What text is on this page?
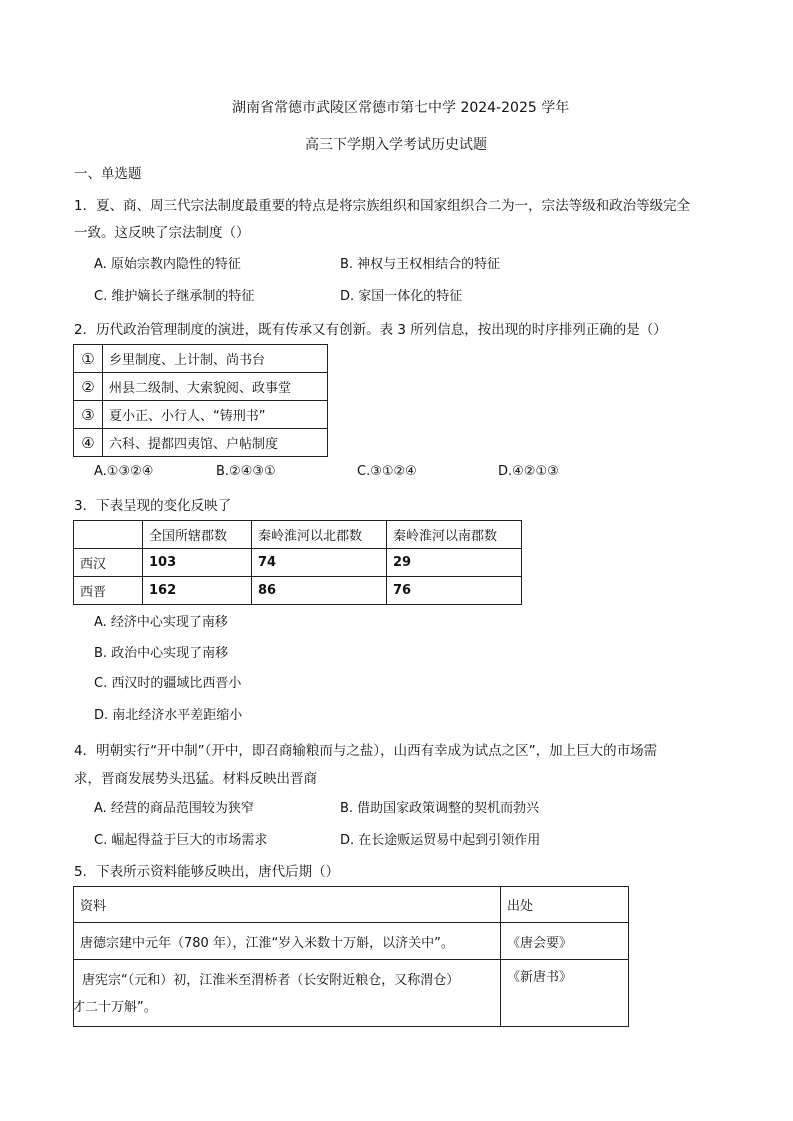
湖南省常德市武陵区常德市第七中学 2024-2025 学年
高三下学期入学考试历史试题
一、单选题
1．夏、商、周三代宗法制度最重要的特点是将宗族组织和国家组织合二为一，宗法等级和政治等级完全
一致。这反映了宗法制度（）
A. 原始宗教内隐性的特征	B. 神权与王权相结合的特征
C. 维护嫡长子继承制的特征	D. 家国一体化的特征
2．历代政治管理制度的演进，既有传承又有创新。表 3 所列信息，按出现的时序排列正确的是（）
①	乡里制度、上计制、尚书台
②	州县二级制、大索貌阅、政事堂
③	夏小正、小行人、“铸刑书”
④	六科、提都四夷馆、户帖制度
A.①③②④	B.②④③①	C.③①②④	D.④②①③
3．下表呈现的变化反映了
	全国所辖郡数	秦岭淮河以北郡数	秦岭淮河以南郡数
西汉	103	74	29
西晋	162	86	76
A. 经济中心实现了南移
B. 政治中心实现了南移
C. 西汉时的疆域比西晋小
D. 南北经济水平差距缩小
4．明朝实行“开中制”（开中，即召商输粮而与之盐），山西有幸成为试点之区”，加上巨大的市场需
求，晋商发展势头迅猛。材料反映出晋商
A. 经营的商品范围较为狭窄	B. 借助国家政策调整的契机而勃兴
C. 崛起得益于巨大的市场需求	D. 在长途贩运贸易中起到引领作用
5．下表所示资料能够反映出，唐代后期（）
资料	出处
唐德宗建中元年（780 年），江淮“岁入米数十万斛，以济关中”。	《唐会要》

唐宪宗“（元和）初，江淮米至渭桥者（长安附近粮仓，又称渭仓）
才二十万斛”。	《新唐书》
